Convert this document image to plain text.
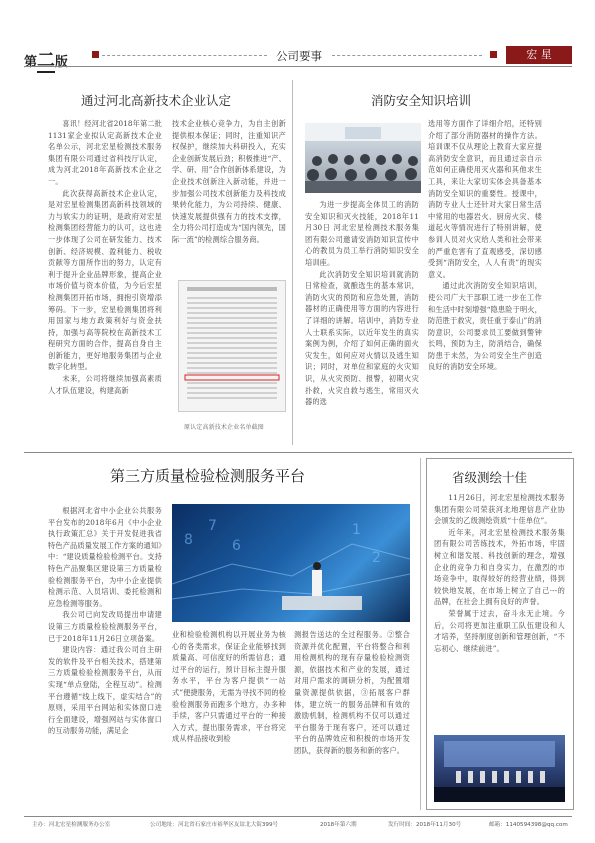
第二版	公司要事	宏 星
通过河北高新技术企业认定

喜讯！经河北省2018年第二批1131家企业拟认定高新技术企业名单公示，河北宏星检测技术服务集团有限公司通过省科技厅认定，成为河北2018年高新技术企业之一。

此次获得高新技术企业认定，是对宏星检测集团高新科技领域的力与软实力的证明，是政府对宏星检测集团经营能力的认可，这也进一步体现了公司在研发能力、技术创新、经济规模、盈利能力、税收贡献等方面所作出的努力，认定有利于提升企业品牌形象，提高企业市场价值与资本价值，为今后宏星检测集团开拓市场，拥抱引资增添筹码。下一步，宏星检测集团将利用国家与地方政策利好与资金扶持，加强与高等院校在高新技术工程研究方面的合作，提高自身自主创新能力，更好地服务集团与企业数字化转型。

未来，公司将继续加强高素质人才队伍建设，构建高新

技术企业核心竞争力，为自主创新提供根本保证；同时，注重知识产权保护，继续加大科研投入，充实企业创新发展后劲；积极推进“产、学、研、用”合作创新体系建设，为企业技术创新注入新动能，并进一步加强公司技术创新能力及科技成果转化能力，为公司持续、健康、快速发展提供强有力的技术支撑，全力将公司打造成为“国内领先，国际一流”的检测综合服务商。

原认定高新技术企业名单截图
消防安全知识培训

为进一步提高全体员工的消防安全知识和灭火技能，2018年11月30日 河北宏星检测技术服务集团有限公司邀请安消防知识宣传中心的教员为员工举行消防知识安全培训座。

此次消防安全知识培训就消防日常检查，就酿选生的基本常识，消防火灾的预防和应急处置，消防器材的正确使用等方面的内容进行了详细的讲解。培训中，消防专业人士联系实际，以近年发生的真实案例为例，介绍了如何正确的面火灾发生，如何应对火情以及逃生知识；同时，对单位和家庭的火灾知识，从火灾预防、报警，初期火灾扑救，火灾自救与逃生，常用灭火器的选

选用等方面作了详细介绍，还特别介绍了部分消防器材的操作方法。培训课不仅从理论上教育大家应提高消防安全意识，而且通过亲自示范如何正确使用灭火器和其他求生工具，来让大家切实体会具备基本消防安全知识的重要性。授课中，消防专业人士还针对大家日常生活中常用的电器岩火、厨房火灾、楼道起火等情况进行了特别讲解，使参训人员对火灾给人类和社会带来的严重危害有了直观感受，深切感受到“消防安全，人人有责”的现实意义。

通过此次消防安全知识培训，使公司广大干部职工进一步在工作和生活中时刻增强“隐患险于明火，防范胜于救灾，责任重于泰山”的消防意识，公司要求员工要做到警钟长鸣，预防为主，防消结合，确保防患于未然，为公司安全生产创造良好的消防安全环境。

第三方质量检验检测服务平台

根据河北省中小企业公共服务平台发布的2018年6月《中小企业执行政策汇总》关于开发促进我省特色产品质量发展工作方案的通知》中：“建设质量检验检测平台。支持特色产品聚集区建设第三方质量检验检测服务平台，为中小企业提供检测示范、入员培训、委托检测和应急检测等服务。

我公司已向发改局提出申请建设第三方质量检验检测服务平台，已于2018年11月26日立项备案。

建设内容：通过我公司自主研发的软件及平台相关技术，搭建第三方质量检验检测服务平台，从而实现“单点登陆，全程互动”。检测平台遵循“线上线下，虚实结合”的原则，采用平台网站和实体窗口进行全面建设，增强网站与实体窗口的互动服务功能，满足企

8
7
6
1
2

业和检验检测机构以开展业务为核心的各类需求，保证企业能够找到质量高、可信度好的所需信息；通过平台的运行，预计目标主提升服务水平，平台为客户提供“一站式”便捷服务，无需为寻找不同的检验检测服务而跑多个地方，办多种手续，客户只需通过平台的一种接入方式，提出服务需求，平台将完成从样品接收到检

测报告送达的全过程服务。②整合资源并优化配置，平台将整合和利用检测机构的现有存量检验检测资源，依据技术和产业的发展，通过对用户需求的调研分析，为配置增量资源提供依据，③拓展客户群体，建立统一的服务品牌和有效的激励机制，检测机构不仅可以通过平台服务于现有客户，还可以通过平台的品牌效应和积极的市场开发团队，获得新的服务和新的客户。

省级测绘十佳

11月26日，河北宏星检测技术服务集团有限公司荣获河北地理信息产业协会颁发的乙级测绘资质“十佳单位”。

近年来，河北宏星检测技术服务集团有限公司苦练技术，外拓市场，牢固树立和谐发展、科技创新的理念，增强企业的竞争力和自身实力，在激烈的市场竞争中，取得较好的经营业绩，得到较快地发展，在市场上树立了自己·--的品牌，在社会上拥有良好的声誉。

荣誉属于过去，奋斗永无止境。今后，公司将更加注重职工队伍建设和人才培养，坚持制度创新和管理创新，“不忘初心、继续前进”。

主办：河北宏星检测服务办公室	公司地址：河北省石家庄市裕华区友谊北大街399号	2018年第六期	发行时间：2018年11月30号	邮箱：1140594398@qq.com
